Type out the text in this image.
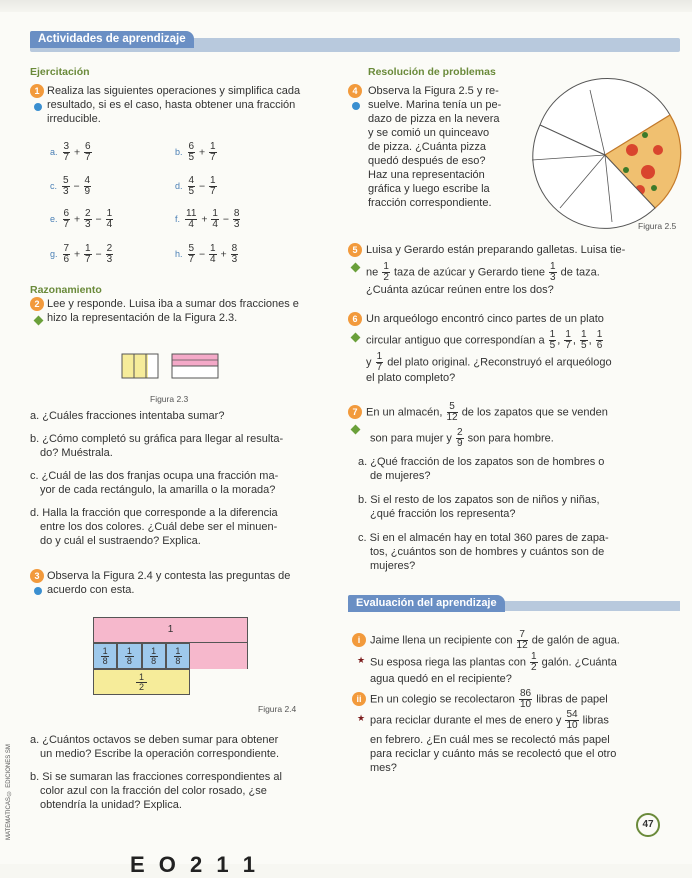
Actividades de aprendizaje
Ejercitación
1 Realiza las siguientes operaciones y simplifica cada
resultado, si es el caso, hasta obtener una fracción
irreducible.
a. $\frac{3}{7} + \frac{6}{7}$	b. $\frac{6}{5} + \frac{1}{7}$
c. $\frac{5}{3} - \frac{4}{9}$	d. $\frac{4}{5} - \frac{1}{7}$
e. $\frac{6}{7} + \frac{2}{3} - \frac{1}{4}$	f. $\frac{11}{4} + \frac{1}{4} - \frac{8}{3}$
g. $\frac{7}{6} + \frac{1}{7} - \frac{2}{3}$	h. $\frac{5}{7} - \frac{1}{4} + \frac{8}{3}$
Razonamiento
2 Lee y responde. Luisa iba a sumar dos fracciones e
hizo la representación de la Figura 2.3.
Figura 2.3
a. ¿Cuáles fracciones intentaba sumar?
b. ¿Cómo completó su gráfica para llegar al resulta-
do? Muéstrala.
c. ¿Cuál de las dos franjas ocupa una fracción ma-
yor de cada rectángulo, la amarilla o la morada?
d. Halla la fracción que corresponde a la diferencia
entre los dos colores. ¿Cuál debe ser el minuen-
do y cuál el sustraendo? Explica.
3 Observa la Figura 2.4 y contesta las preguntas de
acuerdo con esta.
1
1
8
1
8
1
8
1
8
1
2
Figura 2.4
a. ¿Cuántos octavos se deben sumar para obtener
un medio? Escribe la operación correspondiente.
b. Si se sumaran las fracciones correspondientes al
color azul con la fracción del color rosado, ¿se
obtendría la unidad? Explica.
Resolución de problemas
4 Observa la Figura 2.5 y re-
suelve. Marina tenía un pe-
dazo de pizza en la nevera
y se comió un quinceavo
de pizza. ¿Cuánta pizza
quedó después de eso?
Haz una representación
gráfica y luego escribe la
fracción correspondiente.
Figura 2.5
5 Luisa y Gerardo están preparando galletas. Luisa tie-
ne $\frac{1}{2}$ taza de azúcar y Gerardo tiene $\frac{1}{3}$ de taza.
¿Cuánta azúcar reúnen entre los dos?
6 Un arqueólogo encontró cinco partes de un plato
circular antiguo que correspondían a $\frac{1}{5}$ , $\frac{1}{7}$ , $\frac{1}{5}$ , $\frac{1}{6}$
y $\frac{1}{7}$ del plato original. ¿Reconstruyó el arqueólogo
el plato completo?
7 En un almacén, $\frac{5}{12}$ de los zapatos que se venden
son para mujer y $\frac{2}{9}$ son para hombre.
a. ¿Qué fracción de los zapatos son de hombres o
de mujeres?
b. Si el resto de los zapatos son de niños y niñas,
¿qué fracción los representa?
c. Si en el almacén hay en total 360 pares de zapa-
tos, ¿cuántos son de hombres y cuántos son de
mujeres?
Evaluación del aprendizaje
i Jaime llena un recipiente con $\frac{7}{12}$ de galón de agua.
★ Su esposa riega las plantas con $\frac{1}{2}$ galón. ¿Cuánta
agua quedó en el recipiente?
ii En un colegio se recolectaron $\frac{86}{10}$ libras de papel
★ para reciclar durante el mes de enero y $\frac{54}{10}$ libras
en febrero. ¿En cuál mes se recolectó más papel
para reciclar y cuánto más se recolectó que el otro
mes?
47
MATEMÁTICAS © EDICIONES SM
E O 2 1 1
